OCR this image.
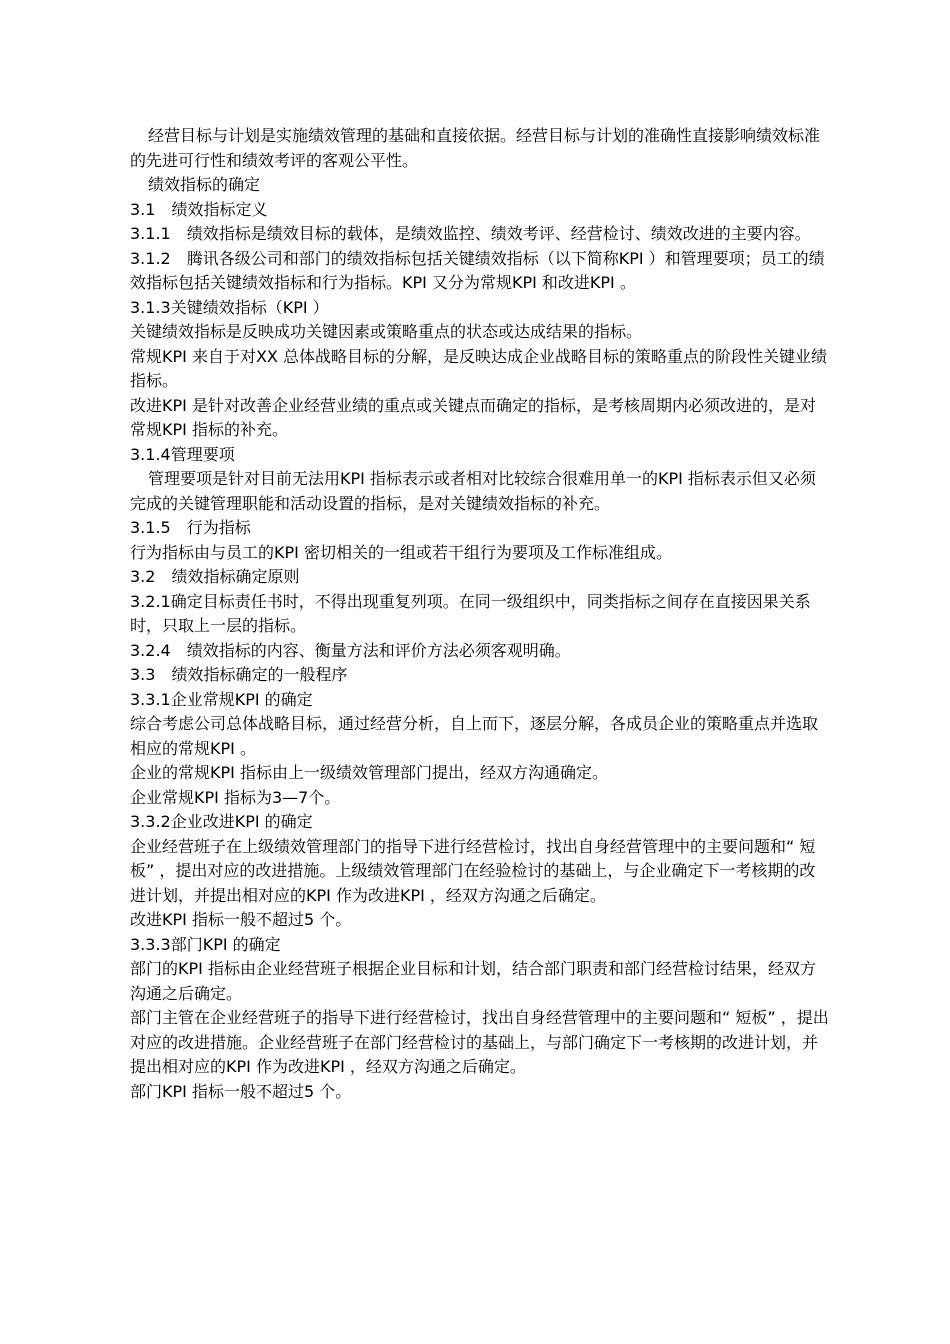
经营目标与计划是实施绩效管理的基础和直接依据。经营目标与计划的准确性直接影响绩效标准的先进可行性和绩效考评的客观公平性。

绩效指标的确定

3.1　绩效指标定义

3.1.1　绩效指标是绩效目标的载体，是绩效监控、绩效考评、经营检讨、绩效改进的主要内容。

3.1.2　腾讯各级公司和部门的绩效指标包括关键绩效指标（以下简称KPI ）和管理要项；员工的绩效指标包括关键绩效指标和行为指标。KPI 又分为常规KPI 和改进KPI 。

3.1.3关键绩效指标（KPI ）

关键绩效指标是反映成功关键因素或策略重点的状态或达成结果的指标。

常规KPI 来自于对XX 总体战略目标的分解，是反映达成企业战略目标的策略重点的阶段性关键业绩指标。

改进KPI 是针对改善企业经营业绩的重点或关键点而确定的指标，是考核周期内必须改进的，是对常规KPI 指标的补充。

3.1.4管理要项

管理要项是针对目前无法用KPI 指标表示或者相对比较综合很难用单一的KPI 指标表示但又必须完成的关键管理职能和活动设置的指标，是对关键绩效指标的补充。

3.1.5　行为指标

行为指标由与员工的KPI 密切相关的一组或若干组行为要项及工作标准组成。

3.2　绩效指标确定原则

3.2.1确定目标责任书时，不得出现重复列项。在同一级组织中，同类指标之间存在直接因果关系时，只取上一层的指标。

3.2.4　绩效指标的内容、衡量方法和评价方法必须客观明确。

3.3　绩效指标确定的一般程序

3.3.1企业常规KPI 的确定

综合考虑公司总体战略目标，通过经营分析，自上而下，逐层分解，各成员企业的策略重点并选取相应的常规KPI 。

企业的常规KPI 指标由上一级绩效管理部门提出，经双方沟通确定。

企业常规KPI 指标为3—7个。

3.3.2企业改进KPI 的确定

企业经营班子在上级绩效管理部门的指导下进行经营检讨，找出自身经营管理中的主要问题和“ 短板” ，提出对应的改进措施。上级绩效管理部门在经验检讨的基础上，与企业确定下一考核期的改进计划，并提出相对应的KPI 作为改进KPI ，经双方沟通之后确定。

改进KPI 指标一般不超过5 个。

3.3.3部门KPI 的确定

部门的KPI 指标由企业经营班子根据企业目标和计划，结合部门职责和部门经营检讨结果，经双方沟通之后确定。

部门主管在企业经营班子的指导下进行经营检讨，找出自身经营管理中的主要问题和“ 短板” ，提出对应的改进措施。企业经营班子在部门经营检讨的基础上，与部门确定下一考核期的改进计划，并提出相对应的KPI 作为改进KPI ，经双方沟通之后确定。

部门KPI 指标一般不超过5 个。
